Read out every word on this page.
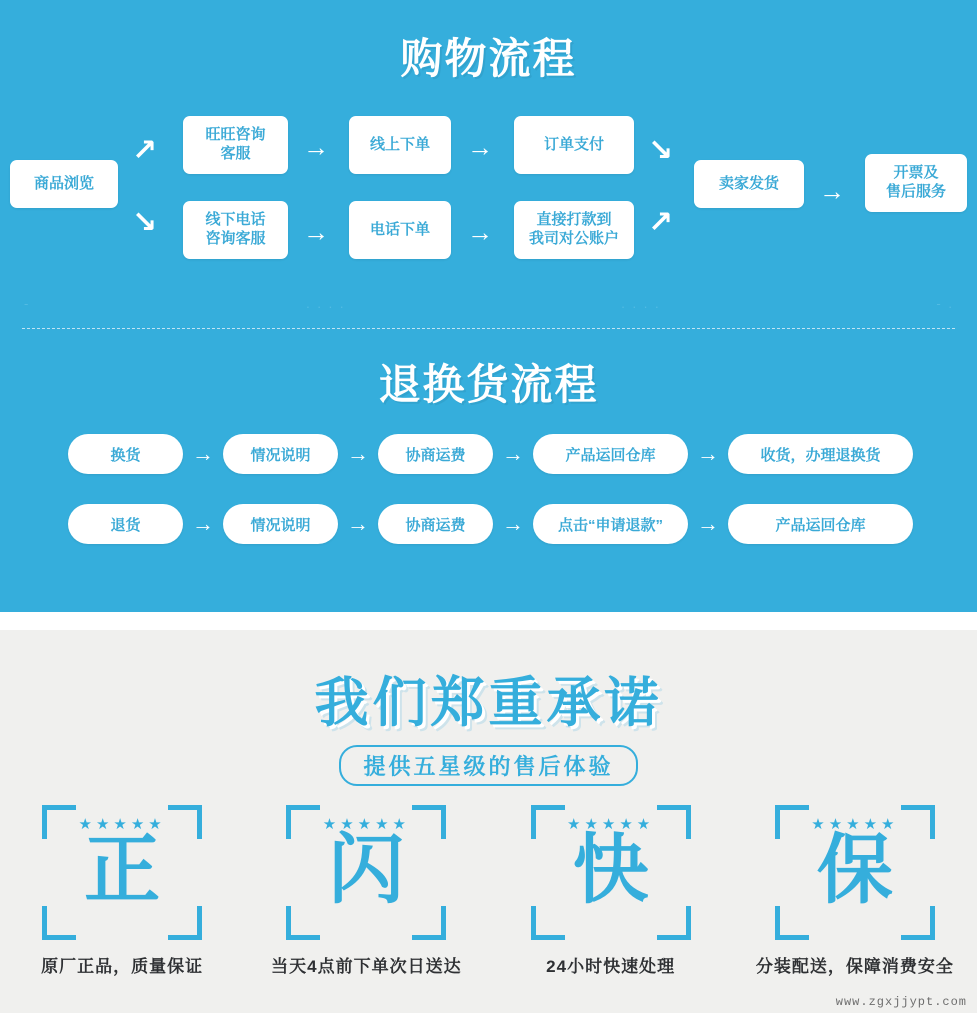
购物流程
商品浏览
↗
↘
旺旺咨询
客服 →	线上下单 →	订单支付
线下电话
咨询客服 →	电话下单 →	直接打款到
我司对公账户
↘
↗
卖家发货 →
开票及
售后服务
-	. . . .	. . . .	- .
退换货流程
换货	→	情况说明	→	协商运费	→	产品运回仓库	→	收货，办理退换货
退货	→	情况说明	→	协商运费	→	点击“申请退款”	→	产品运回仓库
我们郑重承诺
提供五星级的售后体验
★★★★★
正
原厂正品，质量保证
★★★★★
闪
当天4点前下单次日送达
★★★★★
快
24小时快速处理
★★★★★
保
分装配送，保障消费安全
www.zgxjjypt.com
